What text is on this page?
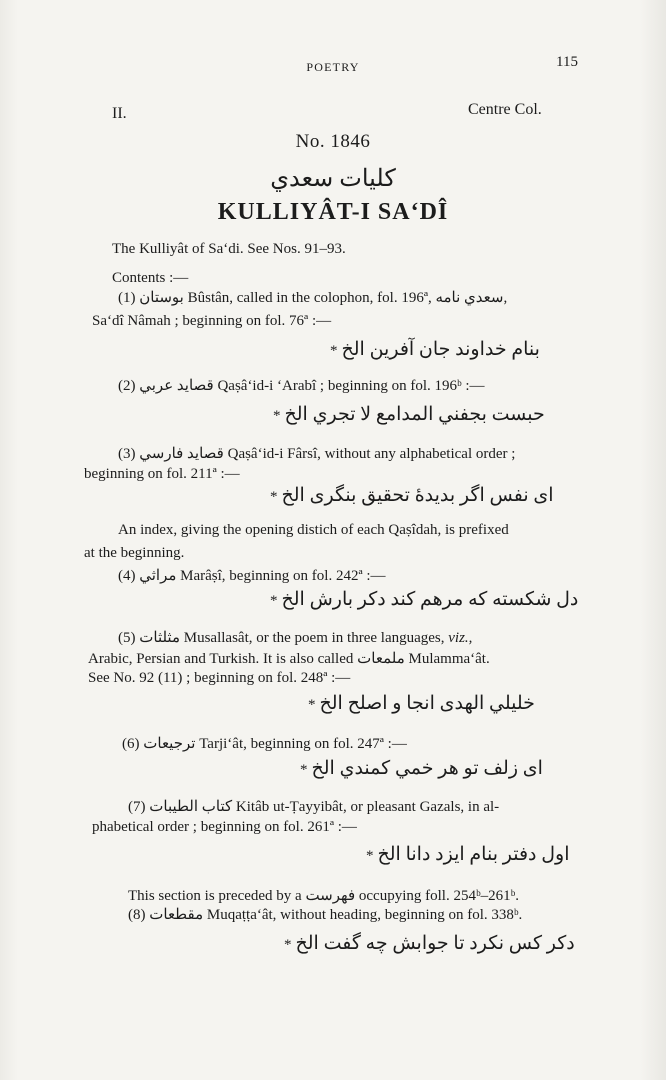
POETRY	115
II.	Centre Col.
No. 1846
كليات سعدي
KULLIYÂT-I SA‘DÎ
The Kulliyât of Sa‘di. See Nos. 91–93.
Contents :—
(1) بوستان Bûstân, called in the colophon, fol. 196ª, سعدي نامه,
Sa‘dî Nâmah ; beginning on fol. 76ª :—
* بنام خداوند جان آفرين الخ
(2) قصايد عربي Qaṣâ‘id-i ‘Arabî ; beginning on fol. 196ᵇ :—
* حبست بجفني المدامع لا تجري الخ
(3) قصايد فارسي Qaṣâ‘id-i Fârsî, without any alphabetical order ;
beginning on fol. 211ª :—
* اى نفس اگر بديدهٔ تحقيق بنگرى الخ
An index, giving the opening distich of each Qaṣîdah, is prefixed
at the beginning.
(4) مراثي Marâṣî, beginning on fol. 242ª :—
* دل شكسته كه مرهم كند دكر بارش الخ
(5) مثلثات Musallasât, or the poem in three languages, viz.,
Arabic, Persian and Turkish. It is also called ملمعات Mulamma‘ât.
See No. 92 (11) ; beginning on fol. 248ª :—
* خليلي الهدى انجا و اصلح الخ
(6) ترجيعات Tarji‘ât, beginning on fol. 247ª :—
* اى زلف تو هر خمي كمندي الخ
(7) كتاب الطيبات Kitâb ut-Ṭayyibât, or pleasant Gazals, in al-
phabetical order ; beginning on fol. 261ª :—
* اول دفتر بنام ايزد دانا الخ
This section is preceded by a فهرست occupying foll. 254ᵇ–261ᵇ.
(8) مقطعات Muqaṭṭa‘ât, without heading, beginning on fol. 338ᵇ.
* دكر كس نكرد تا جوابش چه گفت الخ
